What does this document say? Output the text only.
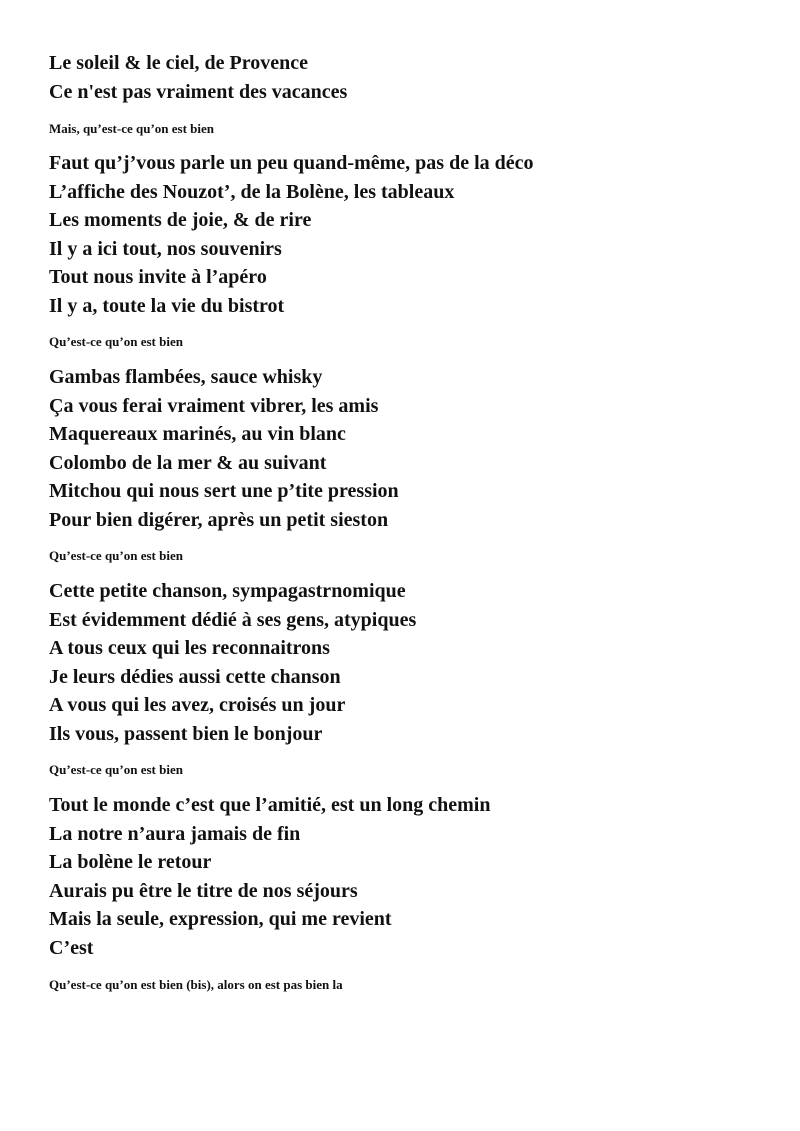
Le soleil & le ciel, de Provence
Ce n'est pas vraiment des vacances
Mais, qu’est-ce qu’on est bien
Faut qu’j’vous parle un peu quand-même, pas de la déco
L’affiche des Nouzot’, de la Bolène, les tableaux
Les moments de joie, & de rire
Il y a ici tout, nos souvenirs
Tout nous invite à l’apéro
Il y a, toute la vie du bistrot
Qu’est-ce qu’on est bien
Gambas flambées, sauce whisky
Ça vous ferai vraiment vibrer, les amis
Maquereaux marinés, au vin blanc
Colombo de la mer & au suivant
Mitchou qui nous sert une p’tite pression
Pour bien digérer, après un petit sieston
Qu’est-ce qu’on est bien
Cette petite chanson, sympagastrnomique
Est évidemment dédié à ses gens, atypiques
A tous ceux qui les reconnaitrons
Je leurs dédies aussi cette chanson
A vous qui les avez, croisés un jour
Ils vous, passent bien le bonjour
Qu’est-ce qu’on est bien
Tout le monde c’est que l’amitié, est un long chemin
La notre n’aura jamais de fin
La bolène le retour
Aurais pu être le titre de nos séjours
Mais la seule, expression, qui me revient
C’est
Qu’est-ce qu’on est bien (bis), alors on est pas bien la
